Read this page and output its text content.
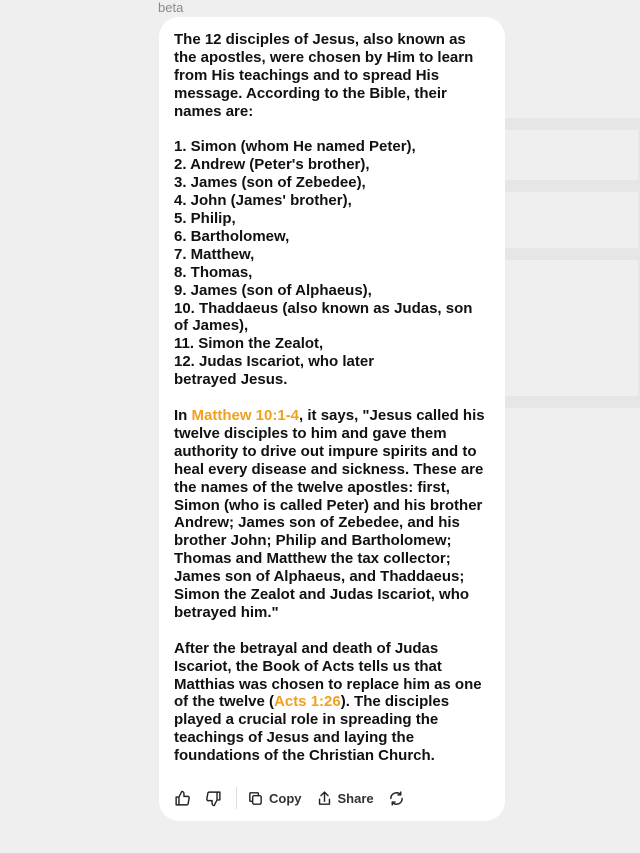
beta

The 12 disciples of Jesus, also known as the apostles, were chosen by Him to learn from His teachings and to spread His message. According to the Bible, their names are:

1. Simon (whom He named Peter),
2. Andrew (Peter's brother),
3. James (son of Zebedee),
4. John (James' brother),
5. Philip,
6. Bartholomew,
7. Matthew,
8. Thomas,
9. James (son of Alphaeus),
10. Thaddaeus (also known as Judas, son of James),
11. Simon the Zealot,
12. Judas Iscariot, who later betrayed Jesus.

In Matthew 10:1-4, it says, "Jesus called his twelve disciples to him and gave them authority to drive out impure spirits and to heal every disease and sickness. These are the names of the twelve apostles: first, Simon (who is called Peter) and his brother Andrew; James son of Zebedee, and his brother John; Philip and Bartholomew; Thomas and Matthew the tax collector; James son of Alphaeus, and Thaddaeus; Simon the Zealot and Judas Iscariot, who betrayed him."

After the betrayal and death of Judas Iscariot, the Book of Acts tells us that Matthias was chosen to replace him as one of the twelve (Acts 1:26). The disciples played a crucial role in spreading the teachings of Jesus and laying the foundations of the Christian Church.

Copy	Share
